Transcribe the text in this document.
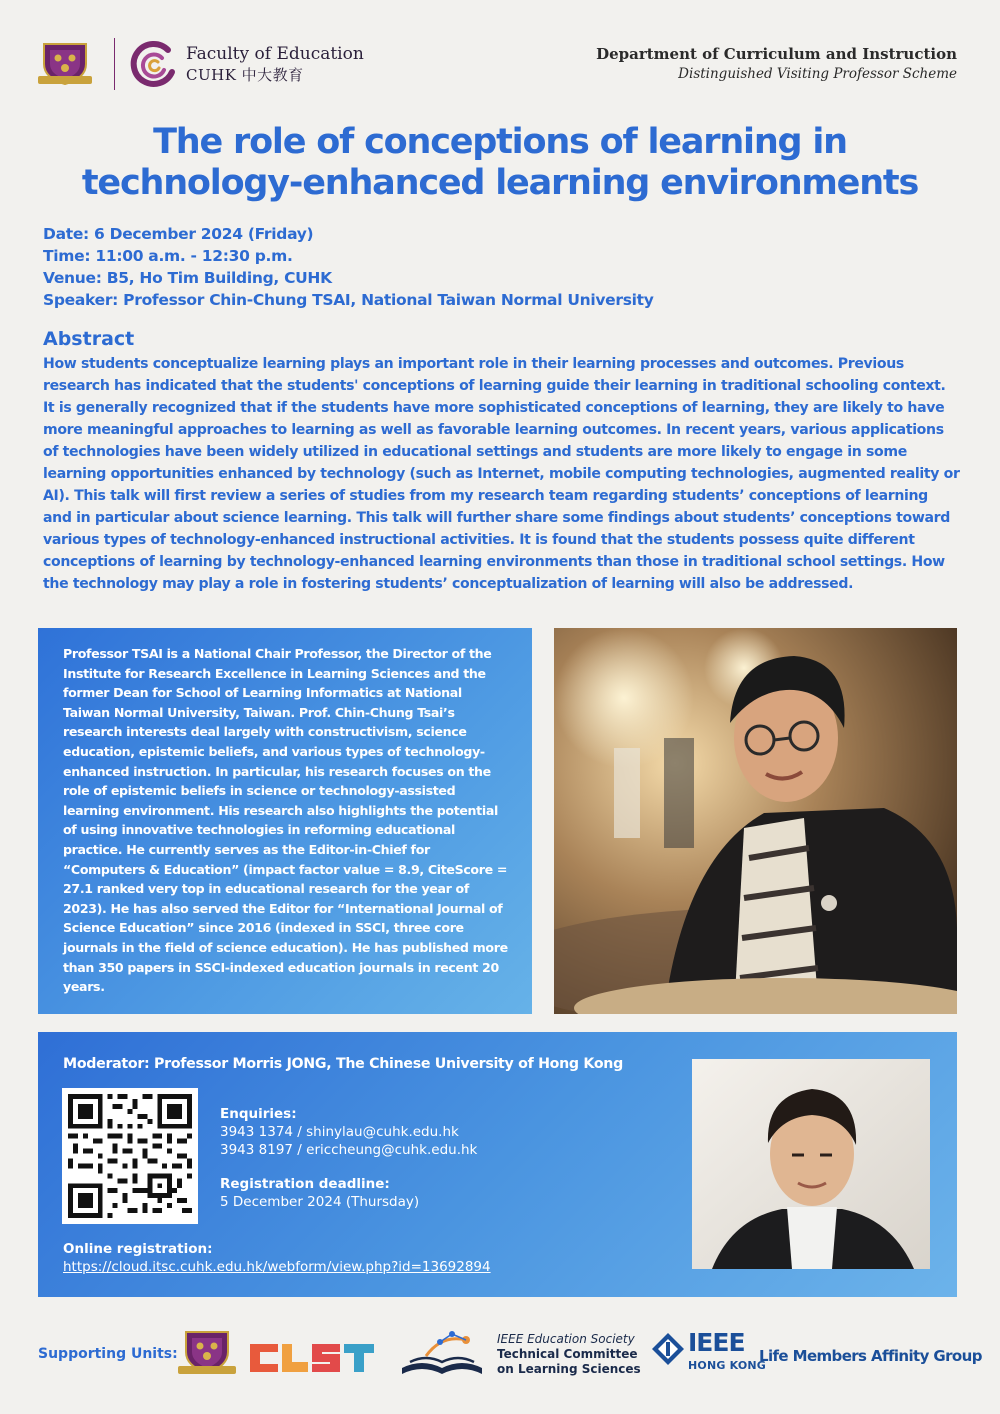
Faculty of Education
CUHK 中大教育
Department of Curriculum and Instruction
Distinguished Visiting Professor Scheme
The role of conceptions of learning in
technology-enhanced learning environments
Date: 6 December 2024 (Friday)
Time: 11:00 a.m. - 12:30 p.m.
Venue: B5, Ho Tim Building, CUHK
Speaker: Professor Chin-Chung TSAI, National Taiwan Normal University
Abstract
How students conceptualize learning plays an important role in their learning processes and outcomes. Previous research has indicated that the students' conceptions of learning guide their learning in traditional schooling context. It is generally recognized that if the students have more sophisticated conceptions of learning, they are likely to have more meaningful approaches to learning as well as favorable learning outcomes. In recent years, various applications of technologies have been widely utilized in educational settings and students are more likely to engage in some learning opportunities enhanced by technology (such as Internet, mobile computing technologies, augmented reality or AI). This talk will first review a series of studies from my research team regarding students’ conceptions of learning and in particular about science learning. This talk will further share some findings about students’ conceptions toward various types of technology-enhanced instructional activities. It is found that the students possess quite different conceptions of learning by technology-enhanced learning environments than those in traditional school settings. How the technology may play a role in fostering students’ conceptualization of learning will also be addressed.
Professor TSAI is a National Chair Professor, the Director of the Institute for Research Excellence in Learning Sciences and the former Dean for School of Learning Informatics at National Taiwan Normal University, Taiwan. Prof. Chin-Chung Tsai’s research interests deal largely with constructivism, science education, epistemic beliefs, and various types of technology-enhanced instruction. In particular, his research focuses on the role of epistemic beliefs in science or technology-assisted learning environment. His research also highlights the potential of using innovative technologies in reforming educational practice. He currently serves as the Editor-in-Chief for “Computers & Education” (impact factor value = 8.9, CiteScore = 27.1 ranked very top in educational research for the year of 2023). He has also served the Editor for “International Journal of Science Education” since 2016 (indexed in SSCI, three core journals in the field of science education). He has published more than 350 papers in SSCI-indexed education journals in recent 20 years.
Moderator: Professor Morris JONG, The Chinese University of Hong Kong
Enquiries:
3943 1374 / shinylau@cuhk.edu.hk
3943 8197 / ericcheung@cuhk.edu.hk
Registration deadline:
5 December 2024 (Thursday)
Online registration:
https://cloud.itsc.cuhk.edu.hk/webform/view.php?id=13692894
Supporting Units:
IEEE Education Society
Technical Committee
on Learning Sciences
IEEE
HONG KONG
Life Members Affinity Group
